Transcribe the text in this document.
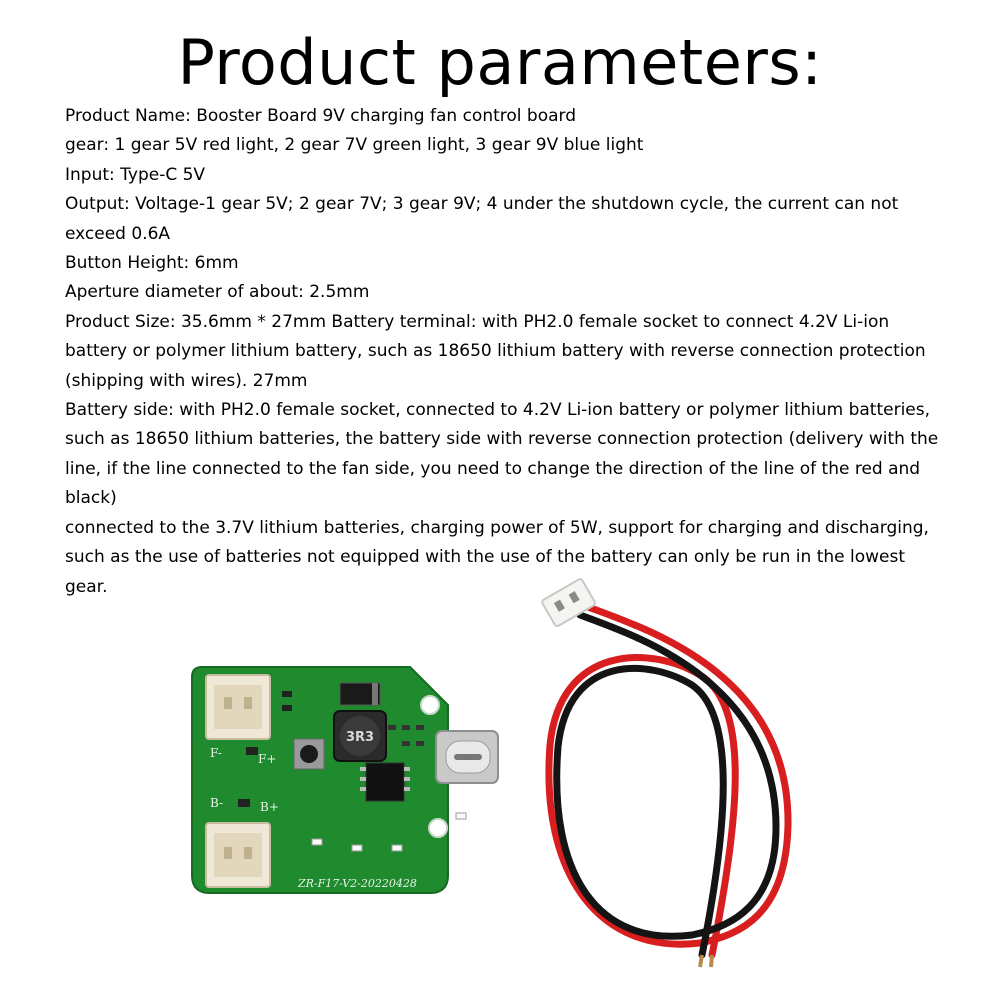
Product parameters:
Product Name: Booster Board 9V charging fan control board
gear: 1 gear 5V red light, 2 gear 7V green light, 3 gear 9V blue light
Input: Type-C 5V
Output: Voltage-1 gear 5V; 2 gear 7V; 3 gear 9V; 4 under the shutdown cycle, the current can not exceed 0.6A
Button Height: 6mm
Aperture diameter of about: 2.5mm
Product Size: 35.6mm * 27mm Battery terminal: with PH2.0 female socket to connect 4.2V Li-ion battery or polymer lithium battery, such as 18650 lithium battery with reverse connection protection (shipping with wires). 27mm
Battery side: with PH2.0 female socket, connected to 4.2V Li-ion battery or polymer lithium batteries, such as 18650 lithium batteries, the battery side with reverse connection protection (delivery with the line, if the line connected to the fan side, you need to change the direction of the line of the red and black)
connected to the 3.7V lithium batteries, charging power of 5W, support for charging and discharging, such as the use of batteries not equipped with the use of the battery can only be run in the lowest gear.
F-	F+
B-	B+
3R3
ZR-F17-V2-20220428
